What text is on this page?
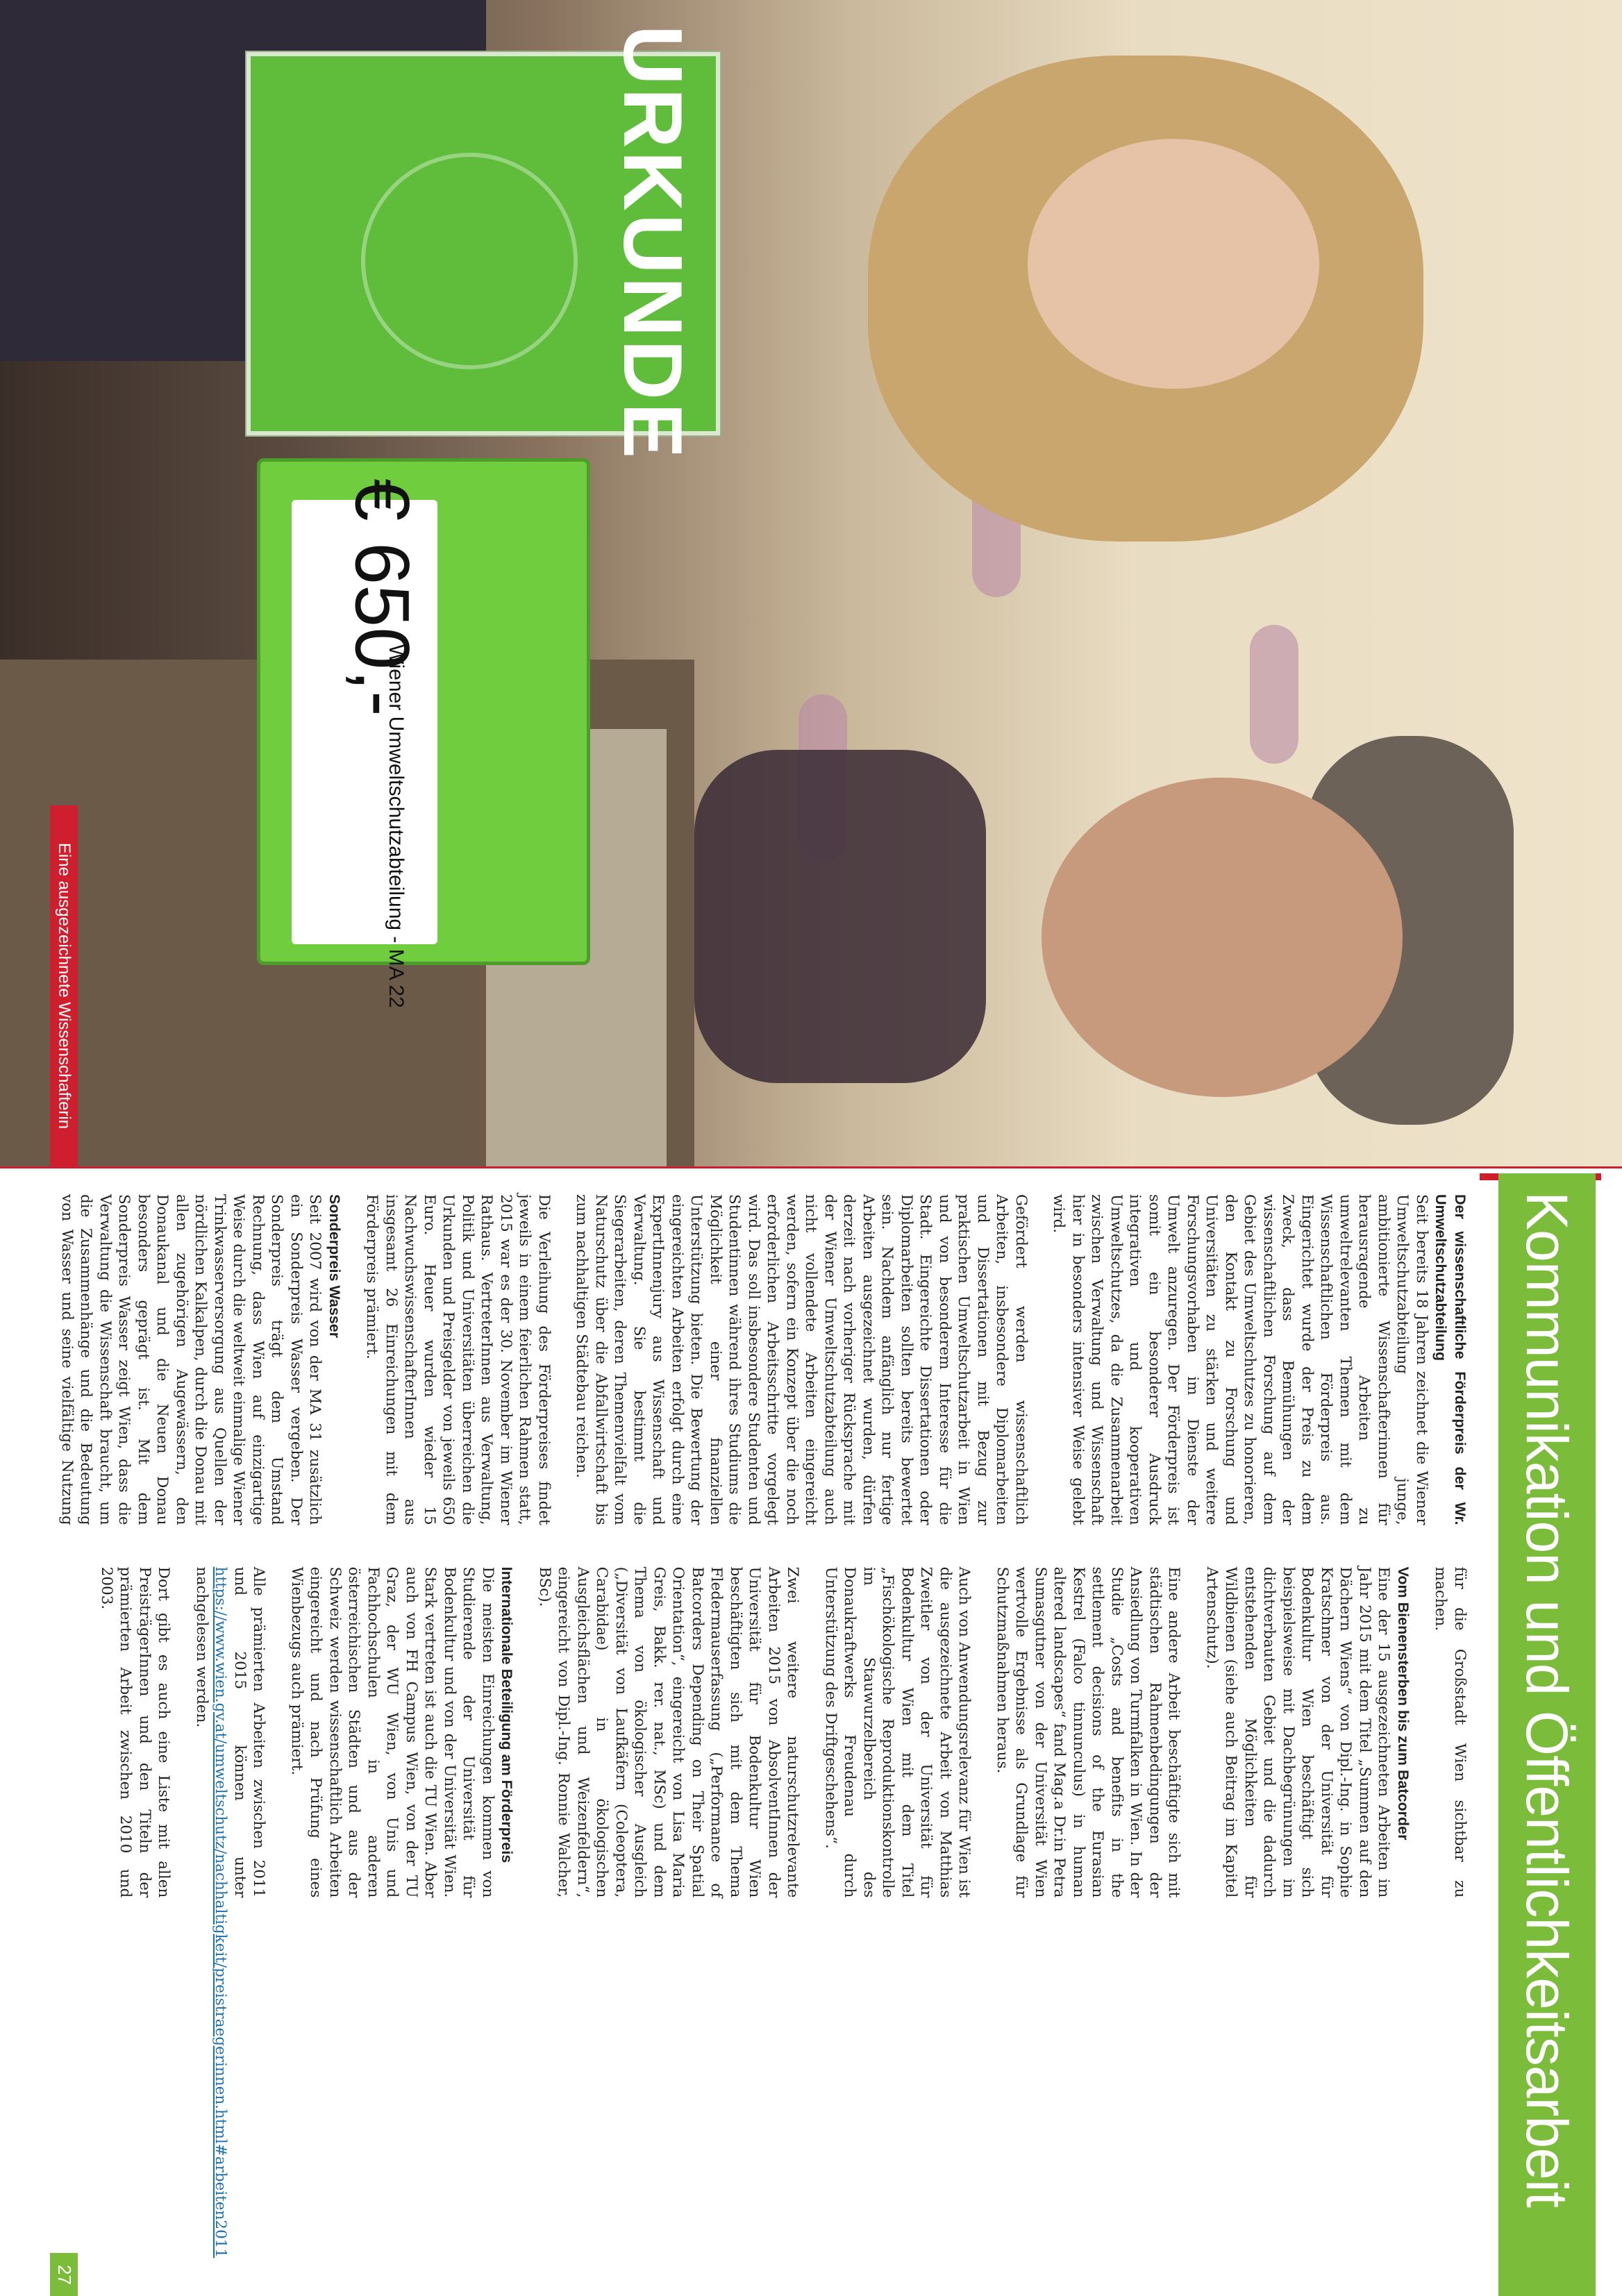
URKUNDE
€ 650,-
Wiener Umweltschutzabteilung - MA 22
Eine ausgezeichnete Wissenschafterin
Kommunikation und Öffentlichkeitsarbeit

Der wissenschaftliche Förderpreis der Wr. Umweltschutzabteilung

Seit bereits 18 Jahren zeichnet die Wiener Umweltschutzabteilung junge, ambitionierte Wissenschafterinnen für herausragende Arbeiten zu umweltrelevanten Themen mit dem Wissenschaftlichen Förderpreis aus. Eingerichtet wurde der Preis zu dem Zweck, dass Bemühungen der wissenschaftlichen Forschung auf dem Gebiet des Umweltschutzes zu honorieren, den Kontakt zu Forschung und Universitäten zu stärken und weitere Forschungsvorhaben im Dienste der Umwelt anzuregen. Der Förderpreis ist somit ein besonderer Ausdruck integrativen und kooperativen Umweltschutzes, da die Zusammenarbeit zwischen Verwaltung und Wissenschaft hier in besonders intensiver Weise gelebt wird.

Gefördert werden wissenschaftlich Arbeiten, insbesondere Diplomarbeiten und Dissertationen mit Bezug zur praktischen Umweltschutzarbeit in Wien und von besonderem Interesse für die Stadt. Eingereichte Dissertationen oder Diplomarbeiten sollten bereits bewertet sein. Nachdem anfänglich nur fertige Arbeiten ausgezeichnet wurden, dürfen derzeit nach vorheriger Rücksprache mit der Wiener Umweltschutzabteilung auch nicht vollendete Arbeiten eingereicht werden, sofern ein Konzept über die noch erforderlichen Arbeitsschritte vorgelegt wird. Das soll insbesondere Studenten und Studentinnen während ihres Studiums die Möglichkeit einer finanziellen Unterstützung bieten. Die Bewertung der eingereichten Arbeiten erfolgt durch eine ExpertInnenjury aus Wissenschaft und Verwaltung. Sie bestimmt die Siegerarbeiten, deren Themenvielfalt vom Naturschutz über die Abfallwirtschaft bis zum nachhaltigen Städtebau reichen.

Die Verleihung des Förderpreises findet jeweils in einem feierlichen Rahmen statt, 2015 war es der 30. November im Wiener Rathaus. VertreterInnen aus Verwaltung, Politik und Universitäten überreichen die Urkunden und Preisgelder von jeweils 650 Euro. Heuer wurden wieder 15 NachwuchswissenschafterInnen aus insgesamt 26 Einreichungen mit dem Förderpreis prämiert.

Sonderpreis Wasser

Seit 2007 wird von der MA 31 zusätzlich ein Sonderpreis Wasser vergeben. Der Sonderpreis trägt dem Umstand Rechnung, dass Wien auf einzigartige Weise durch die weltweit einmalige Wiener Trinkwasserversorgung aus Quellen der nördlichen Kalkalpen, durch die Donau mit allen zugehörigen Augewässern, den Donaukanal und die Neuen Donau besonders geprägt ist. Mit dem Sonderpreis Wasser zeigt Wien, dass die Verwaltung die Wissenschaft braucht, um die Zusammenhänge und die Bedeutung von Wasser und seine vielfältige Nutzung für die Großstadt Wien sichtbar zu machen.

Vom Bienensterben bis zum Batcorder

Eine der 15 ausgezeichneten Arbeiten im Jahr 2015 mit dem Titel „Summen auf den Dächern Wiens“ von Dipl.-Ing. in Sophie Kratschmer von der Universität für Bodenkultur Wien beschäftigt sich beispielsweise mit Dachbegrünungen im dichtverbauten Gebiet und die dadurch entstehenden Möglichkeiten für Wildbienen (siehe auch Beitrag im Kapitel Artenschutz).

Eine andere Arbeit beschäftigte sich mit städtischen Rahmenbedingungen der Ansiedlung von Turmfalken in Wien. In der Studie „Costs and benefits in the settlement decisions of the Eurasian Kestrel (Falco tinnunculus) in human altered landscapes“ fand Mag.a Dr.in Petra Sumasgutner von der Universität Wien wertvolle Ergebnisse als Grundlage für Schutzmaßnahmen heraus.

Auch von Anwendungsrelevanz für Wien ist die ausgezeichnete Arbeit von Matthias Zweitler von der Universität für Bodenkultur Wien mit dem Titel „Fischökologische Reproduktionskontrolle im Stauwurzelbereich des Donaukraftwerks Freudenau durch Unterstützung des Driftgeschehens“.

Zwei weitere naturschutzrelevante Arbeiten 2015 von AbsolventInnen der Universität für Bodenkultur Wien beschäftigten sich mit dem Thema Fledermauserfassung („Performance of Batcorders Depending on Their Spatial Orientation“, eingereicht von Lisa Maria Greis, Bakk. rer. nat., MSc) und dem Thema von ökologischer Ausgleich („Diversität von Laufkäfern (Coleoptera, Carabidae) in ökologischen Ausgleichsflächen und Weizenfeldern“, eingereicht von Dipl.-Ing. Ronnie Walcher, BSc).

Internationale Beteiligung am Förderpreis

Die meisten Einreichungen kommen von Studierende der Universität für Bodenkultur und von der Universität Wien. Stark vertreten ist auch die TU Wien. Aber auch von FH Campus Wien, von der TU Graz, der WU Wien, von Unis und Fachhochschulen in anderen österreichischen Städten und aus der Schweiz werden wissenschaftlich Arbeiten eingereicht und nach Prüfung eines Wienbezugs auch prämiert.

Alle prämierten Arbeiten zwischen 2011 und 2015 können unter https://www.wien.gv.at/umweltschutz/nachhaltigkeit/preistraegerinnen.html#arbeiten2011 nachgelesen werden.

Dort gibt es auch eine Liste mit allen PreisträgerInnen und den Titeln der prämierten Arbeit zwischen 2010 und 2003.

27
